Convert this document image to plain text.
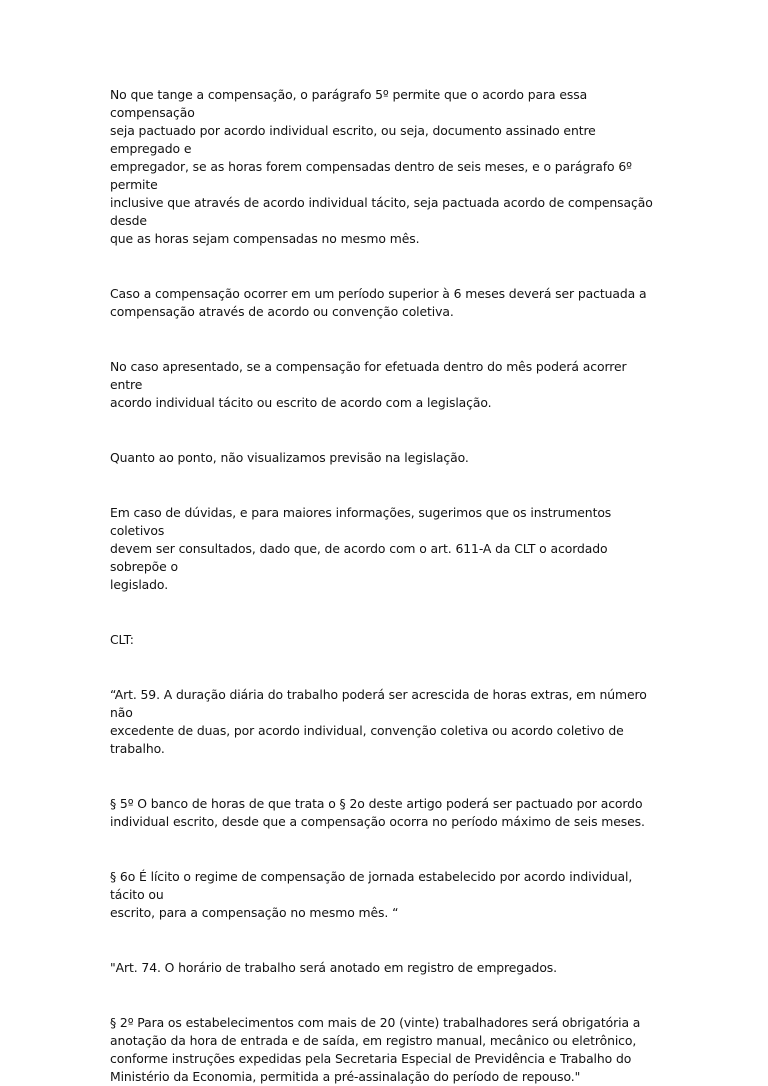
No que tange a compensação, o parágrafo 5º permite que o acordo para essa compensação
seja pactuado por acordo individual escrito, ou seja, documento assinado entre empregado e
empregador, se as horas forem compensadas dentro de seis meses, e o parágrafo 6º permite
inclusive que através de acordo individual tácito, seja pactuada acordo de compensação desde
que as horas sejam compensadas no mesmo mês.

Caso a compensação ocorrer em um período superior à 6 meses deverá ser pactuada a
compensação através de acordo ou convenção coletiva.

No caso apresentado, se a compensação for efetuada dentro do mês poderá acorrer entre
acordo individual tácito ou escrito de acordo com a legislação.

Quanto ao ponto, não visualizamos previsão na legislação.

Em caso de dúvidas, e para maiores informações, sugerimos que os instrumentos coletivos
devem ser consultados, dado que, de acordo com o art. 611-A da CLT o acordado sobrepõe o
legislado.

CLT:

“Art. 59. A duração diária do trabalho poderá ser acrescida de horas extras, em número não
excedente de duas, por acordo individual, convenção coletiva ou acordo coletivo de trabalho.

§ 5º O banco de horas de que trata o § 2o deste artigo poderá ser pactuado por acordo
individual escrito, desde que a compensação ocorra no período máximo de seis meses.

§ 6o É lícito o regime de compensação de jornada estabelecido por acordo individual, tácito ou
escrito, para a compensação no mesmo mês. “

"Art. 74. O horário de trabalho será anotado em registro de empregados.

§ 2º Para os estabelecimentos com mais de 20 (vinte) trabalhadores será obrigatória a
anotação da hora de entrada e de saída, em registro manual, mecânico ou eletrônico,
conforme instruções expedidas pela Secretaria Especial de Previdência e Trabalho do
Ministério da Economia, permitida a pré-assinalação do período de repouso."
